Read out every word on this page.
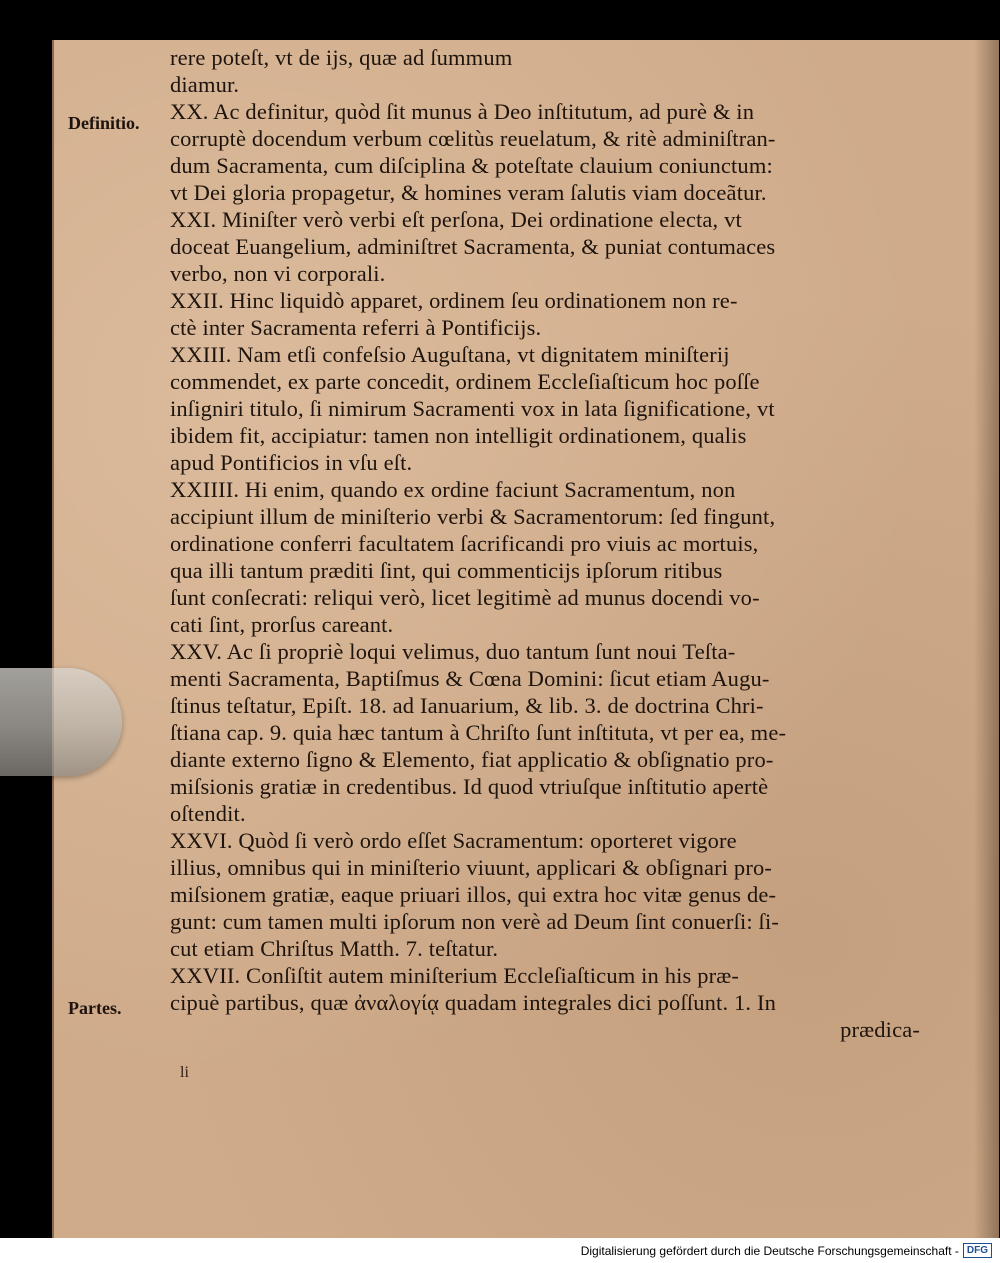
Definitio.
Partes.
rere poteſt, vt de ijs, quæ ad ſummum
diamur.
XX. Ac definitur, quòd ſit munus à Deo inſtitutum, ad purè & in
corruptè docendum verbum cœlitùs reuelatum, & ritè adminiſtran-
dum Sacramenta, cum diſciplina & poteſtate clauium coniunctum:
vt Dei gloria propagetur, & homines veram ſalutis viam doceãtur.
XXI. Miniſter verò verbi eſt perſona, Dei ordinatione electa, vt
doceat Euangelium, adminiſtret Sacramenta, & puniat contumaces
verbo, non vi corporali.
XXII. Hinc liquidò apparet, ordinem ſeu ordinationem non re-
ctè inter Sacramenta referri à Pontificijs.
XXIII. Nam etſi confeſsio Auguſtana, vt dignitatem miniſterij
commendet, ex parte concedit, ordinem Eccleſiaſticum hoc poſſe
inſigniri titulo, ſi nimirum Sacramenti vox in lata ſignificatione, vt
ibidem fit, accipiatur: tamen non intelligit ordinationem, qualis
apud Pontificios in vſu eſt.
XXIIII. Hi enim, quando ex ordine faciunt Sacramentum, non
accipiunt illum de miniſterio verbi & Sacramentorum: ſed fingunt,
ordinatione conferri facultatem ſacrificandi pro viuis ac mortuis,
qua illi tantum præditi ſint, qui commenticijs ipſorum ritibus
ſunt conſecrati: reliqui verò, licet legitimè ad munus docendi vo-
cati ſint, prorſus careant.
XXV. Ac ſi propriè loqui velimus, duo tantum ſunt noui Teſta-
menti Sacramenta, Baptiſmus & Cœna Domini: ſicut etiam Augu-
ſtinus teſtatur, Epiſt. 18. ad Ianuarium, & lib. 3. de doctrina Chri-
ſtiana cap. 9. quia hæc tantum à Chriſto ſunt inſtituta, vt per ea, me-
diante externo ſigno & Elemento, fiat applicatio & obſignatio pro-
miſsionis gratiæ in credentibus. Id quod vtriuſque inſtitutio apertè
oſtendit.
XXVI. Quòd ſi verò ordo eſſet Sacramentum: oporteret vigore
illius, omnibus qui in miniſterio viuunt, applicari & obſignari pro-
miſsionem gratiæ, eaque priuari illos, qui extra hoc vitæ genus de-
gunt: cum tamen multi ipſorum non verè ad Deum ſint conuerſi: ſi-
cut etiam Chriſtus Matth. 7. teſtatur.
XXVII. Conſiſtit autem miniſterium Eccleſiaſticum in his præ-
cipuè partibus, quæ ἀναλογίᾳ quadam integrales dici poſſunt. 1. In
prædica-
li
Digitalisierung gefördert durch die Deutsche Forschungsgemeinschaft - DFG
